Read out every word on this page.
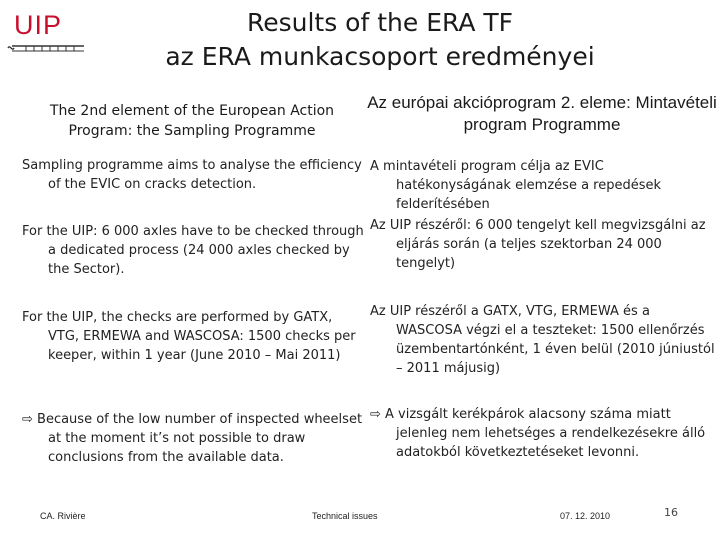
UIP	Results of the ERA TF
az ERA munkacsoport eredményei
The 2nd element of the European Action Program: the Sampling Programme
Az európai akcióprogram 2. eleme: Mintavételi program Programme
Sampling programme aims to analyse the efficiency of the EVIC on cracks detection.
For the UIP: 6 000 axles have to be checked through a dedicated process (24 000 axles checked by the Sector).
For the UIP, the checks are performed by GATX, VTG, ERMEWA and WASCOSA: 1500 checks per keeper, within 1 year (June 2010 – Mai 2011)
⇨ Because of the low number of inspected wheelset at the moment it’s not possible to draw conclusions from the available data.
A mintavételi program célja az EVIC hatékonyságának elemzése a repedések felderítésében
Az UIP részéről: 6 000 tengelyt kell megvizsgálni az eljárás során (a teljes szektorban 24 000 tengelyt)
Az UIP részéről a GATX, VTG, ERMEWA és a WASCOSA végzi el a teszteket: 1500 ellenőrzés üzembentartónként, 1 éven belül (2010 júniustól – 2011 májusig)
⇨ A vizsgált kerékpárok alacsony száma miatt jelenleg nem lehetséges a rendelkezésekre álló adatokból következtetéseket levonni.
CA. Rivière	Technical issues	07. 12. 2010	16
